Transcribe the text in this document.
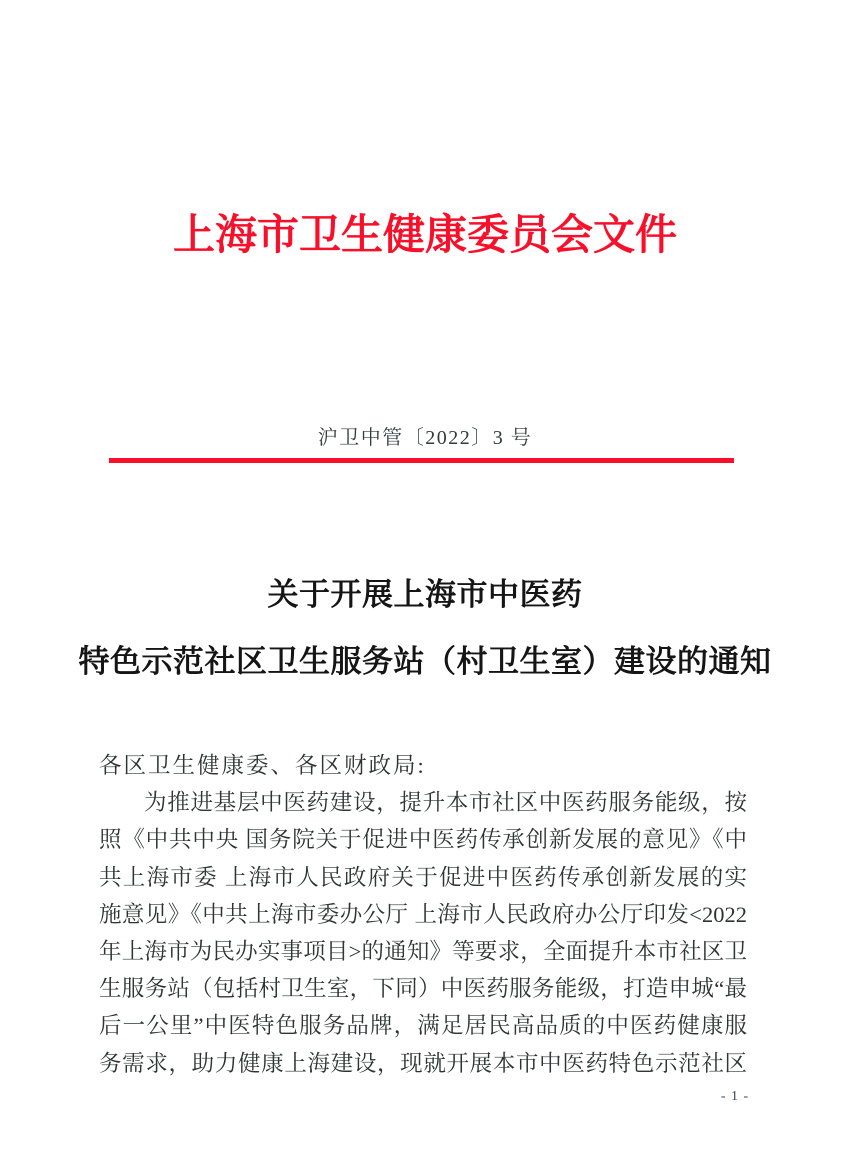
上海市卫生健康委员会文件
沪卫中管〔2022〕3 号
关于开展上海市中医药
特色示范社区卫生服务站（村卫生室）建设的通知
各区卫生健康委、各区财政局:
为推进基层中医药建设，提升本市社区中医药服务能级，按
照《中共中央 国务院关于促进中医药传承创新发展的意见》《中
共上海市委 上海市人民政府关于促进中医药传承创新发展的实
施意见》《中共上海市委办公厅 上海市人民政府办公厅印发<2022
年上海市为民办实事项目>的通知》等要求，全面提升本市社区卫
生服务站（包括村卫生室，下同）中医药服务能级，打造申城“最
后一公里”中医特色服务品牌，满足居民高品质的中医药健康服
务需求，助力健康上海建设，现就开展本市中医药特色示范社区
- 1 -
